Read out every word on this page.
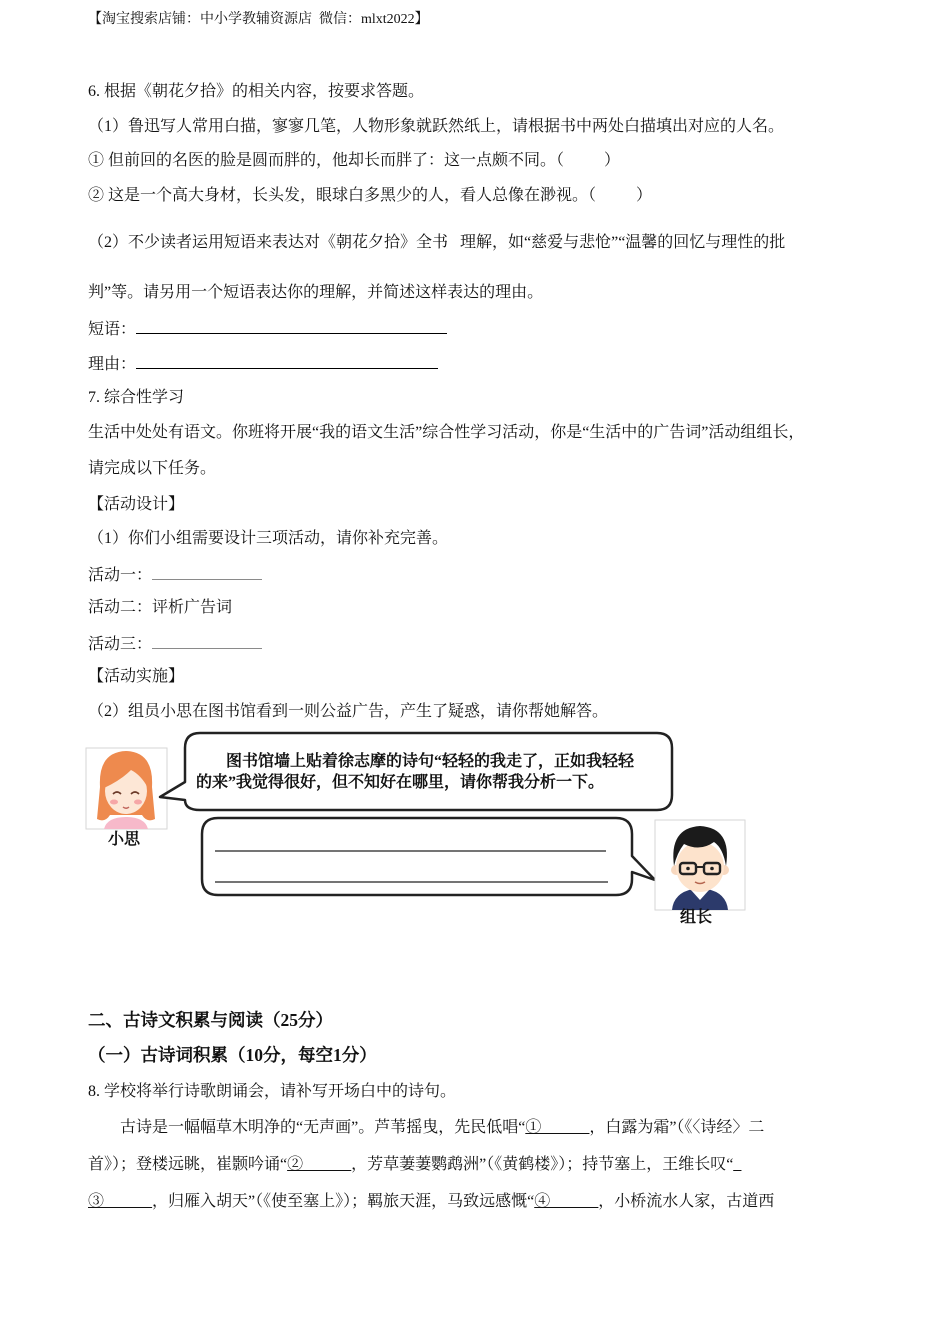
【淘宝搜索店铺：中小学教辅资源店  微信：mlxt2022】
6. 根据《朝花夕拾》的相关内容，按要求答题。
（1）鲁迅写人常用白描，寥寥几笔，人物形象就跃然纸上，请根据书中两处白描填出对应的人名。
① 但前回的名医的脸是圆而胖的，他却长而胖了：这一点颇不同。（          ）
② 这是一个高大身材，长头发，眼球白多黑少的人，看人总像在渺视。（          ）
（2）不少读者运用短语来表达对《朝花夕拾》全书   理解，如“慈爱与悲怆”“温馨的回忆与理性的批
判”等。请另用一个短语表达你的理解，并简述这样表达的理由。
短语：
理由：
7. 综合性学习
生活中处处有语文。你班将开展“我的语文生活”综合性学习活动，你是“生活中的广告词”活动组组长，
请完成以下任务。
【活动设计】
（1）你们小组需要设计三项活动，请你补充完善。
活动一：
活动二：评析广告词
活动三：
【活动实施】
（2）组员小思在图书馆看到一则公益广告，产生了疑惑，请你帮她解答。
图书馆墙上贴着徐志摩的诗句“轻轻的我走了，正如我轻轻
的来”我觉得很好，但不知好在哪里，请你帮我分析一下。
小思
组长
二、古诗文积累与阅读（25分）
（一）古诗词积累（10分，每空1分）
8. 学校将举行诗歌朗诵会，请补写开场白中的诗句。
古诗是一幅幅草木明净的“无声画”。芦苇摇曳，先民低唱“①______，白露为霜”（《〈诗经〉二
首》）；登楼远眺，崔颢吟诵“②______，芳草萋萋鹦鹉洲”（《黄鹤楼》）；持节塞上，王维长叹“_
③______，归雁入胡天”（《使至塞上》）；羁旅天涯，马致远感慨“④______，小桥流水人家，古道西
